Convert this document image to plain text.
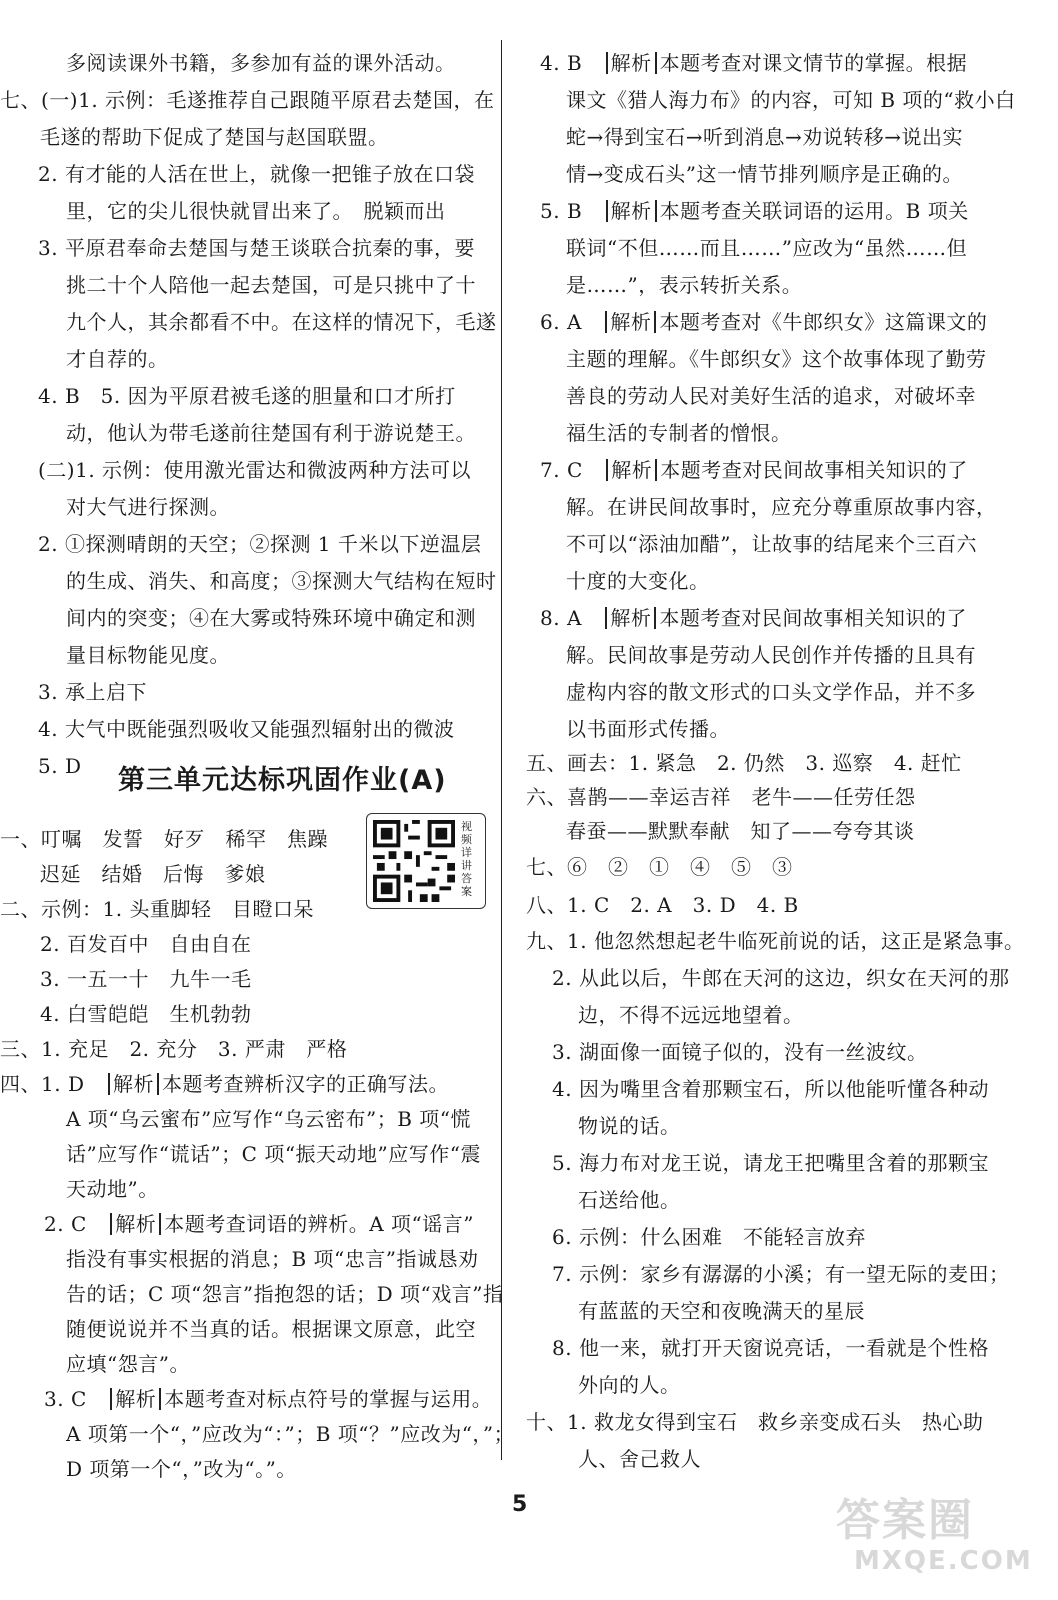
多阅读课外书籍，多参加有益的课外活动。
七、(一)1. 示例：毛遂推荐自己跟随平原君去楚国，在
毛遂的帮助下促成了楚国与赵国联盟。
2. 有才能的人活在世上，就像一把锥子放在口袋
里，它的尖儿很快就冒出来了。　脱颖而出
3. 平原君奉命去楚国与楚王谈联合抗秦的事，要
挑二十个人陪他一起去楚国，可是只挑中了十
九个人，其余都看不中。在这样的情况下，毛遂
才自荐的。
4. B　5. 因为平原君被毛遂的胆量和口才所打
动，他认为带毛遂前往楚国有利于游说楚王。
(二)1. 示例：使用激光雷达和微波两种方法可以
对大气进行探测。
2. ①探测晴朗的天空；②探测 1 千米以下逆温层
的生成、消失、和高度；③探测大气结构在短时
间内的突变；④在大雾或特殊环境中确定和测
量目标物能见度。
3. 承上启下
4. 大气中既能强烈吸收又能强烈辐射出的微波
5. D
一、叮嘱　发誓　好歹　稀罕　焦躁
迟延　结婚　后悔　爹娘
二、示例：1. 头重脚轻　目瞪口呆
2. 百发百中　自由自在
3. 一五一十　九牛一毛
4. 白雪皑皑　生机勃勃
三、1. 充足　2. 充分　3. 严肃　严格
四、1. D　解析 本题考查辨析汉字的正确写法。
A 项“乌云蜜布”应写作“乌云密布”；B 项“慌
话”应写作“谎话”；C 项“振天动地”应写作“震
天动地”。
2. C　解析 本题考查词语的辨析。A 项“谣言”
指没有事实根据的消息；B 项“忠言”指诚恳劝
告的话；C 项“怨言”指抱怨的话；D 项“戏言”指
随便说说并不当真的话。根据课文原意，此空
应填“怨言”。
3. C　解析 本题考查对标点符号的掌握与运用。
A 项第一个“，”应改为“：”；B 项“？”应改为“，”；
D 项第一个“，”改为“。”。
4. B　解析 本题考查对课文情节的掌握。根据
课文《猎人海力布》的内容，可知 B 项的“救小白
蛇→得到宝石→听到消息→劝说转移→说出实
情→变成石头”这一情节排列顺序是正确的。
5. B　解析 本题考查关联词语的运用。B 项关
联词“不但……而且……”应改为“虽然……但
是……”，表示转折关系。
6. A　解析 本题考查对《牛郎织女》这篇课文的
主题的理解。《牛郎织女》这个故事体现了勤劳
善良的劳动人民对美好生活的追求，对破坏幸
福生活的专制者的憎恨。
7. C　解析 本题考查对民间故事相关知识的了
解。在讲民间故事时，应充分尊重原故事内容，
不可以“添油加醋”，让故事的结尾来个三百六
十度的大变化。
8. A　解析 本题考查对民间故事相关知识的了
解。民间故事是劳动人民创作并传播的且具有
虚构内容的散文形式的口头文学作品，并不多
以书面形式传播。
五、画去：1. 紧急　2. 仍然　3. 巡察　4. 赶忙
六、喜鹊——幸运吉祥　老牛——任劳任怨
春蚕——默默奉献　知了——夸夸其谈
七、⑥　②　①　④　⑤　③
八、1. C　2. A　3. D　4. B
九、1. 他忽然想起老牛临死前说的话，这正是紧急事。
2. 从此以后，牛郎在天河的这边，织女在天河的那
边，不得不远远地望着。
3. 湖面像一面镜子似的，没有一丝波纹。
4. 因为嘴里含着那颗宝石，所以他能听懂各种动
物说的话。
5. 海力布对龙王说，请龙王把嘴里含着的那颗宝
石送给他。
6. 示例：什么困难　不能轻言放弃
7. 示例：家乡有潺潺的小溪；有一望无际的麦田；
有蓝蓝的天空和夜晚满天的星辰
8. 他一来，就打开天窗说亮话，一看就是个性格
外向的人。
十、1. 救龙女得到宝石　救乡亲变成石头　热心助
人、舍己救人
第三单元达标巩固作业(A)
视频详讲答案
5	答案圈
MXQE.COM
